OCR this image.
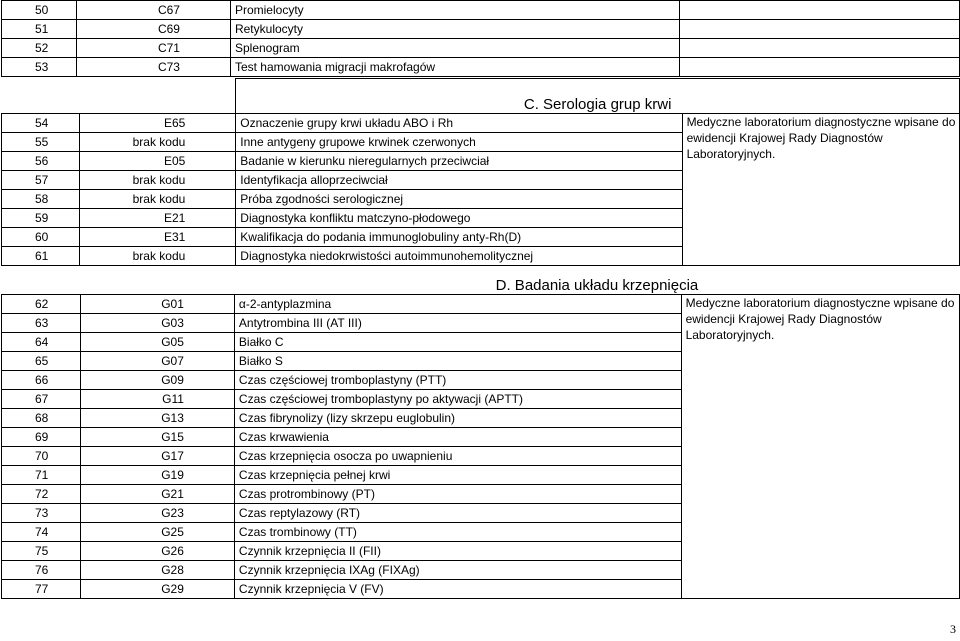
50	C67	Promielocyty	
51	C69	Retykulocyty	
52	C71	Splenogram	
53	C73	Test hamowania migracji makrofagów	
		C. Serologia grup krwi	
54	E65	Oznaczenie grupy krwi układu ABO i Rh	Medyczne laboratorium diagnostyczne wpisane do ewidencji Krajowej Rady Diagnostów Laboratoryjnych.
55	brak kodu	Inne antygeny grupowe krwinek czerwonych	
56	E05	Badanie w kierunku nieregularnych przeciwciał	
57	brak kodu	Identyfikacja alloprzeciwciał	
58	brak kodu	Próba zgodności serologicznej	
59	E21	Diagnostyka konfliktu matczyno-płodowego	
60	E31	Kwalifikacja do podania immunoglobuliny anty-Rh(D)	
61	brak kodu	Diagnostyka niedokrwistości autoimmunohemolitycznej	
		D. Badania układu krzepnięcia	
62	G01	α-2-antyplazmina	Medyczne laboratorium diagnostyczne wpisane do ewidencji Krajowej Rady Diagnostów Laboratoryjnych.
63	G03	Antytrombina III (AT III)	
64	G05	Białko C	
65	G07	Białko S	
66	G09	Czas częściowej tromboplastyny (PTT)	
67	G11	Czas częściowej tromboplastyny po aktywacji (APTT)	
68	G13	Czas fibrynolizy (lizy skrzepu euglobulin)	
69	G15	Czas krwawienia	
70	G17	Czas krzepnięcia osocza po uwapnieniu	
71	G19	Czas krzepnięcia pełnej krwi	
72	G21	Czas protrombinowy (PT)	
73	G23	Czas reptylazowy (RT)	
74	G25	Czas trombinowy (TT)	
75	G26	Czynnik krzepnięcia II (FII)	
76	G28	Czynnik krzepnięcia IXAg (FIXAg)	
77	G29	Czynnik krzepnięcia V (FV)	
3
